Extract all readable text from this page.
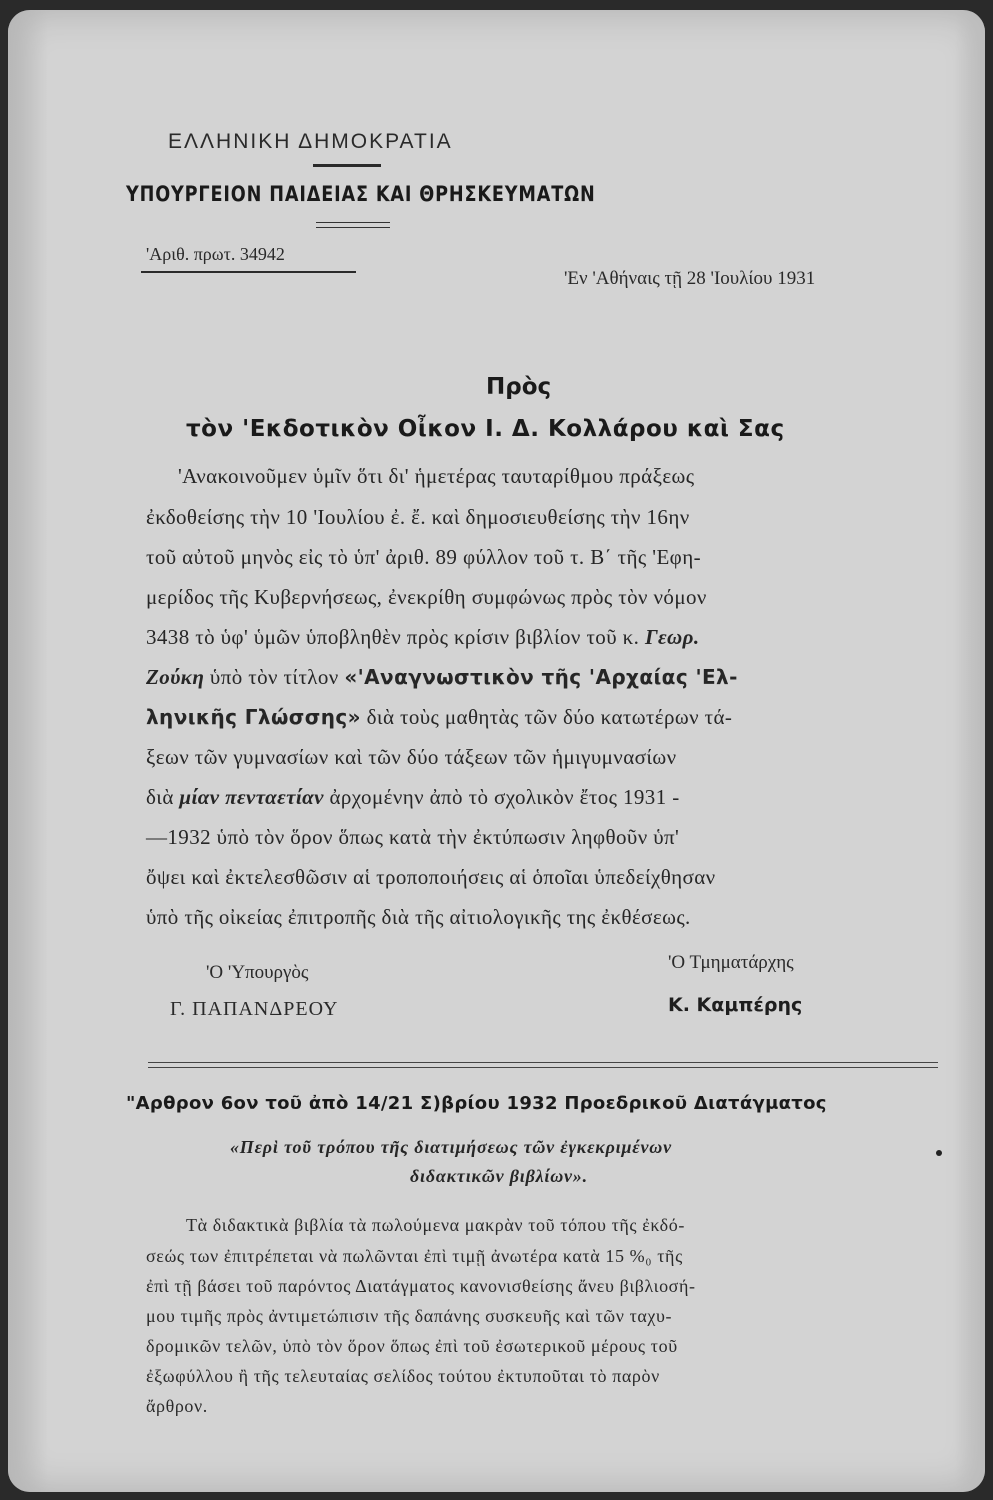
ΕΛΛΗΝΙΚΗ ΔΗΜΟΚΡΑΤΙΑ
ΥΠΟΥΡΓΕΙΟΝ ΠΑΙΔΕΙΑΣ ΚΑΙ ΘΡΗΣΚΕΥΜΑΤΩΝ
'Αριθ. πρωτ. 34942
'Εν 'Αθήναις τῇ 28 'Ιουλίου 1931
Πρὸς
τὸν 'Εκδοτικὸν Οἶκον Ι. Δ. Κολλάρου καὶ Σας
'Ανακοινοῦμεν ὑμῖν ὅτι δι' ἡμετέρας ταυταρίθμου πράξεως
ἐκδοθείσης τὴν 10 'Ιουλίου ἐ. ἔ. καὶ δημοσιευθείσης τὴν 16ην
τοῦ αὐτοῦ μηνὸς εἰς τὸ ὑπ' ἀριθ. 89 φύλλον τοῦ τ. Β΄ τῆς 'Εφη-
μερίδος τῆς Κυβερνήσεως, ἐνεκρίθη συμφώνως πρὸς τὸν νόμον
3438 τὸ ὑφ' ὑμῶν ὑποβληθὲν πρὸς κρίσιν βιβλίον τοῦ κ. Γεωρ.
Ζούκη ὑπὸ τὸν τίτλον «'Αναγνωστικὸν τῆς 'Αρχαίας 'Ελ-
ληνικῆς Γλώσσης» διὰ τοὺς μαθητὰς τῶν δύο κατωτέρων τά-
ξεων τῶν γυμνασίων καὶ τῶν δύο τάξεων τῶν ἡμιγυμνασίων
διὰ μίαν πενταετίαν ἀρχομένην ἀπὸ τὸ σχολικὸν ἔτος 1931 -
—1932 ὑπὸ τὸν ὅρον ὅπως κατὰ τὴν ἐκτύπωσιν ληφθοῦν ὑπ'
ὄψει καὶ ἐκτελεσθῶσιν αἱ τροποποιήσεις αἱ ὁποῖαι ὑπεδείχθησαν
ὑπὸ τῆς οἰκείας ἐπιτροπῆς διὰ τῆς αἰτιολογικῆς της ἐκθέσεως.
'Ο 'Υπουργὸς
Γ. ΠΑΠΑΝΔΡΕΟΥ
'Ο Τμηματάρχης
Κ. Καμπέρης
"Αρθρον 6ον τοῦ ἀπὸ 14/21 Σ)βρίου 1932 Προεδρικοῦ Διατάγματος
«Περὶ τοῦ τρόπου τῆς διατιμήσεως τῶν ἐγκεκριμένων
διδακτικῶν βιβλίων».
Τὰ διδακτικὰ βιβλία τὰ πωλούμενα μακρὰν τοῦ τόπου τῆς ἐκδό-
σεώς των ἐπιτρέπεται νὰ πωλῶνται ἐπὶ τιμῇ ἀνωτέρα κατὰ 15 %₀ τῆς
ἐπὶ τῇ βάσει τοῦ παρόντος Διατάγματος κανονισθείσης ἄνευ βιβλιοσή-
μου τιμῆς πρὸς ἀντιμετώπισιν τῆς δαπάνης συσκευῆς καὶ τῶν ταχυ-
δρομικῶν τελῶν, ὑπὸ τὸν ὅρον ὅπως ἐπὶ τοῦ ἐσωτερικοῦ μέρους τοῦ
ἐξωφύλλου ἢ τῆς τελευταίας σελίδος τούτου ἐκτυποῦται τὸ παρὸν
ἄρθρον.
